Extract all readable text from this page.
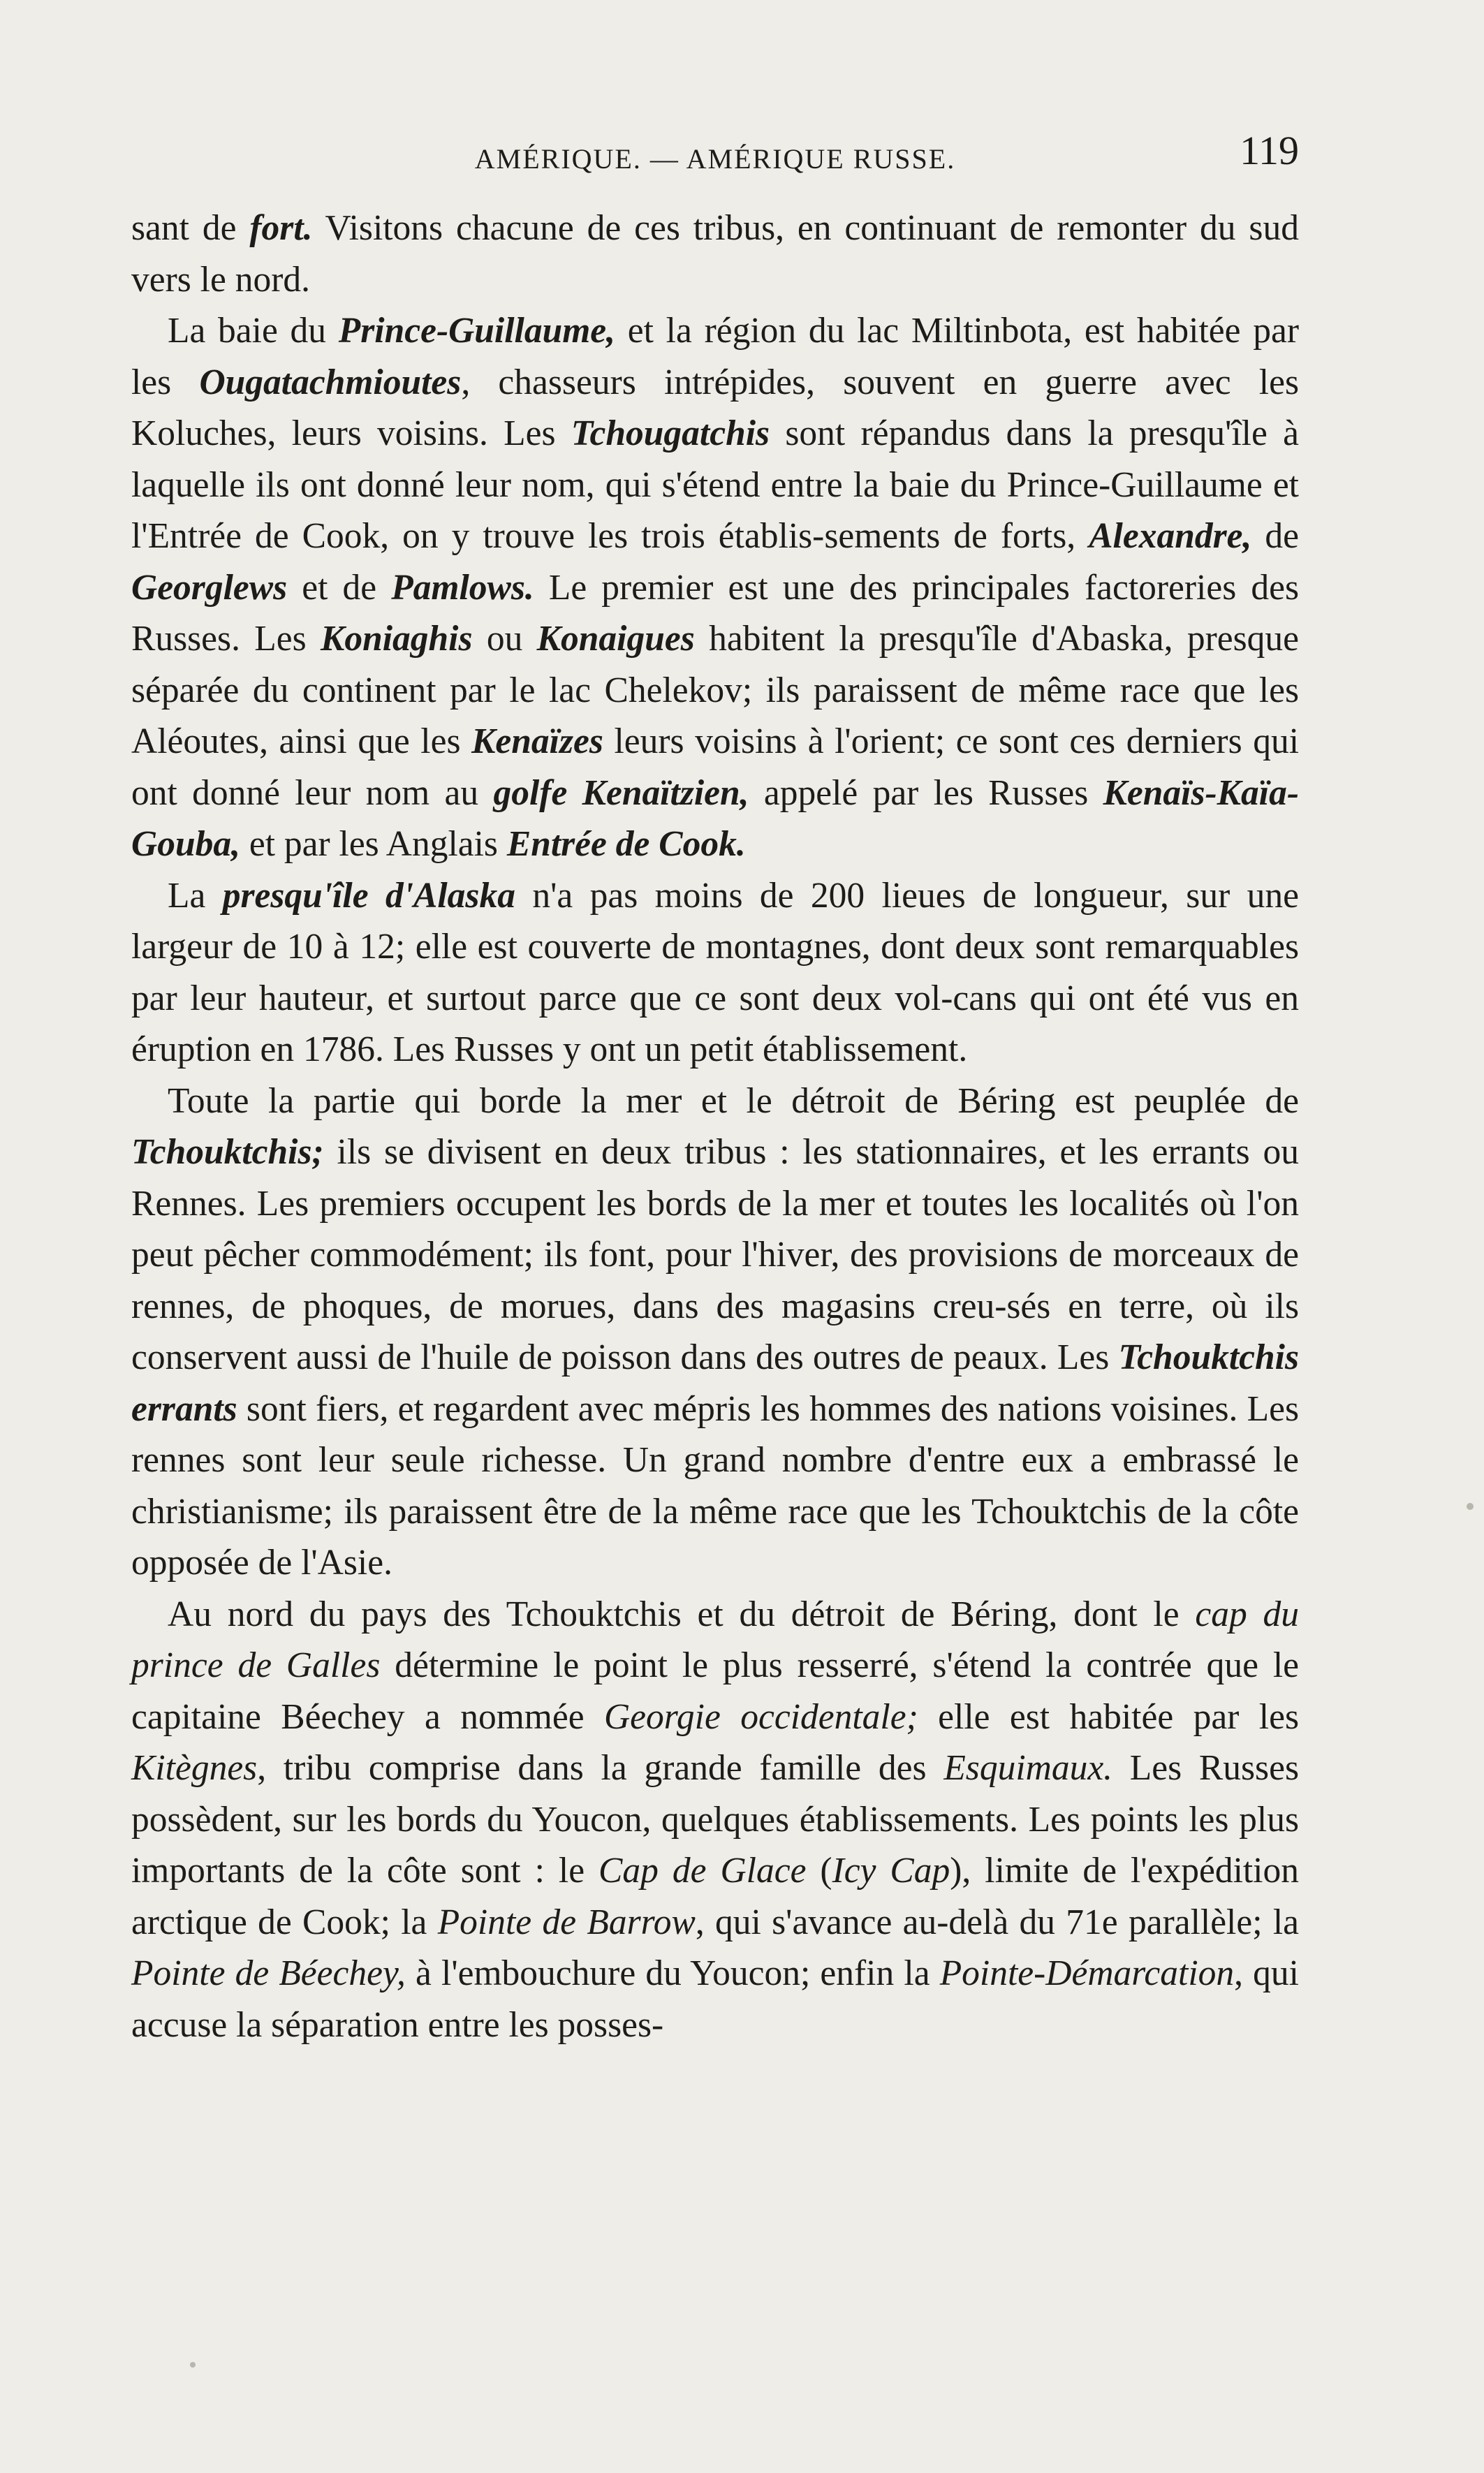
AMÉRIQUE. — AMÉRIQUE RUSSE.	119

sant de fort. Visitons chacune de ces tribus, en continuant de remonter du sud vers le nord.

La baie du Prince-Guillaume, et la région du lac Miltinbota, est habitée par les Ougatachmioutes, chasseurs intrépides, souvent en guerre avec les Koluches, leurs voisins. Les Tchougatchis sont répandus dans la presqu'île à laquelle ils ont donné leur nom, qui s'étend entre la baie du Prince-Guillaume et l'Entrée de Cook, on y trouve les trois établis-sements de forts, Alexandre, de Georglews et de Pamlows. Le premier est une des principales factoreries des Russes. Les Koniaghis ou Konaigues habitent la presqu'île d'Abaska, presque séparée du continent par le lac Chelekov; ils paraissent de même race que les Aléoutes, ainsi que les Kenaïzes leurs voisins à l'orient; ce sont ces derniers qui ont donné leur nom au golfe Kenaïtzien, appelé par les Russes Kenaïs-Kaïa-Gouba, et par les Anglais Entrée de Cook.

La presqu'île d'Alaska n'a pas moins de 200 lieues de longueur, sur une largeur de 10 à 12; elle est couverte de montagnes, dont deux sont remarquables par leur hauteur, et surtout parce que ce sont deux vol-cans qui ont été vus en éruption en 1786. Les Russes y ont un petit établissement.

Toute la partie qui borde la mer et le détroit de Béring est peuplée de Tchouktchis; ils se divisent en deux tribus : les stationnaires, et les errants ou Rennes. Les premiers occupent les bords de la mer et toutes les localités où l'on peut pêcher commodément; ils font, pour l'hiver, des provisions de morceaux de rennes, de phoques, de morues, dans des magasins creu-sés en terre, où ils conservent aussi de l'huile de poisson dans des outres de peaux. Les Tchouktchis errants sont fiers, et regardent avec mépris les hommes des nations voisines. Les rennes sont leur seule richesse. Un grand nombre d'entre eux a embrassé le christianisme; ils paraissent être de la même race que les Tchouktchis de la côte opposée de l'Asie.

Au nord du pays des Tchouktchis et du détroit de Béring, dont le cap du prince de Galles détermine le point le plus resserré, s'étend la contrée que le capitaine Béechey a nommée Georgie occidentale; elle est habitée par les Kitègnes, tribu comprise dans la grande famille des Esquimaux. Les Russes possèdent, sur les bords du Youcon, quelques établissements. Les points les plus importants de la côte sont : le Cap de Glace (Icy Cap), limite de l'expédition arctique de Cook; la Pointe de Barrow, qui s'avance au-delà du 71e parallèle; la Pointe de Béechey, à l'embouchure du Youcon; enfin la Pointe-Démarcation, qui accuse la séparation entre les posses-
